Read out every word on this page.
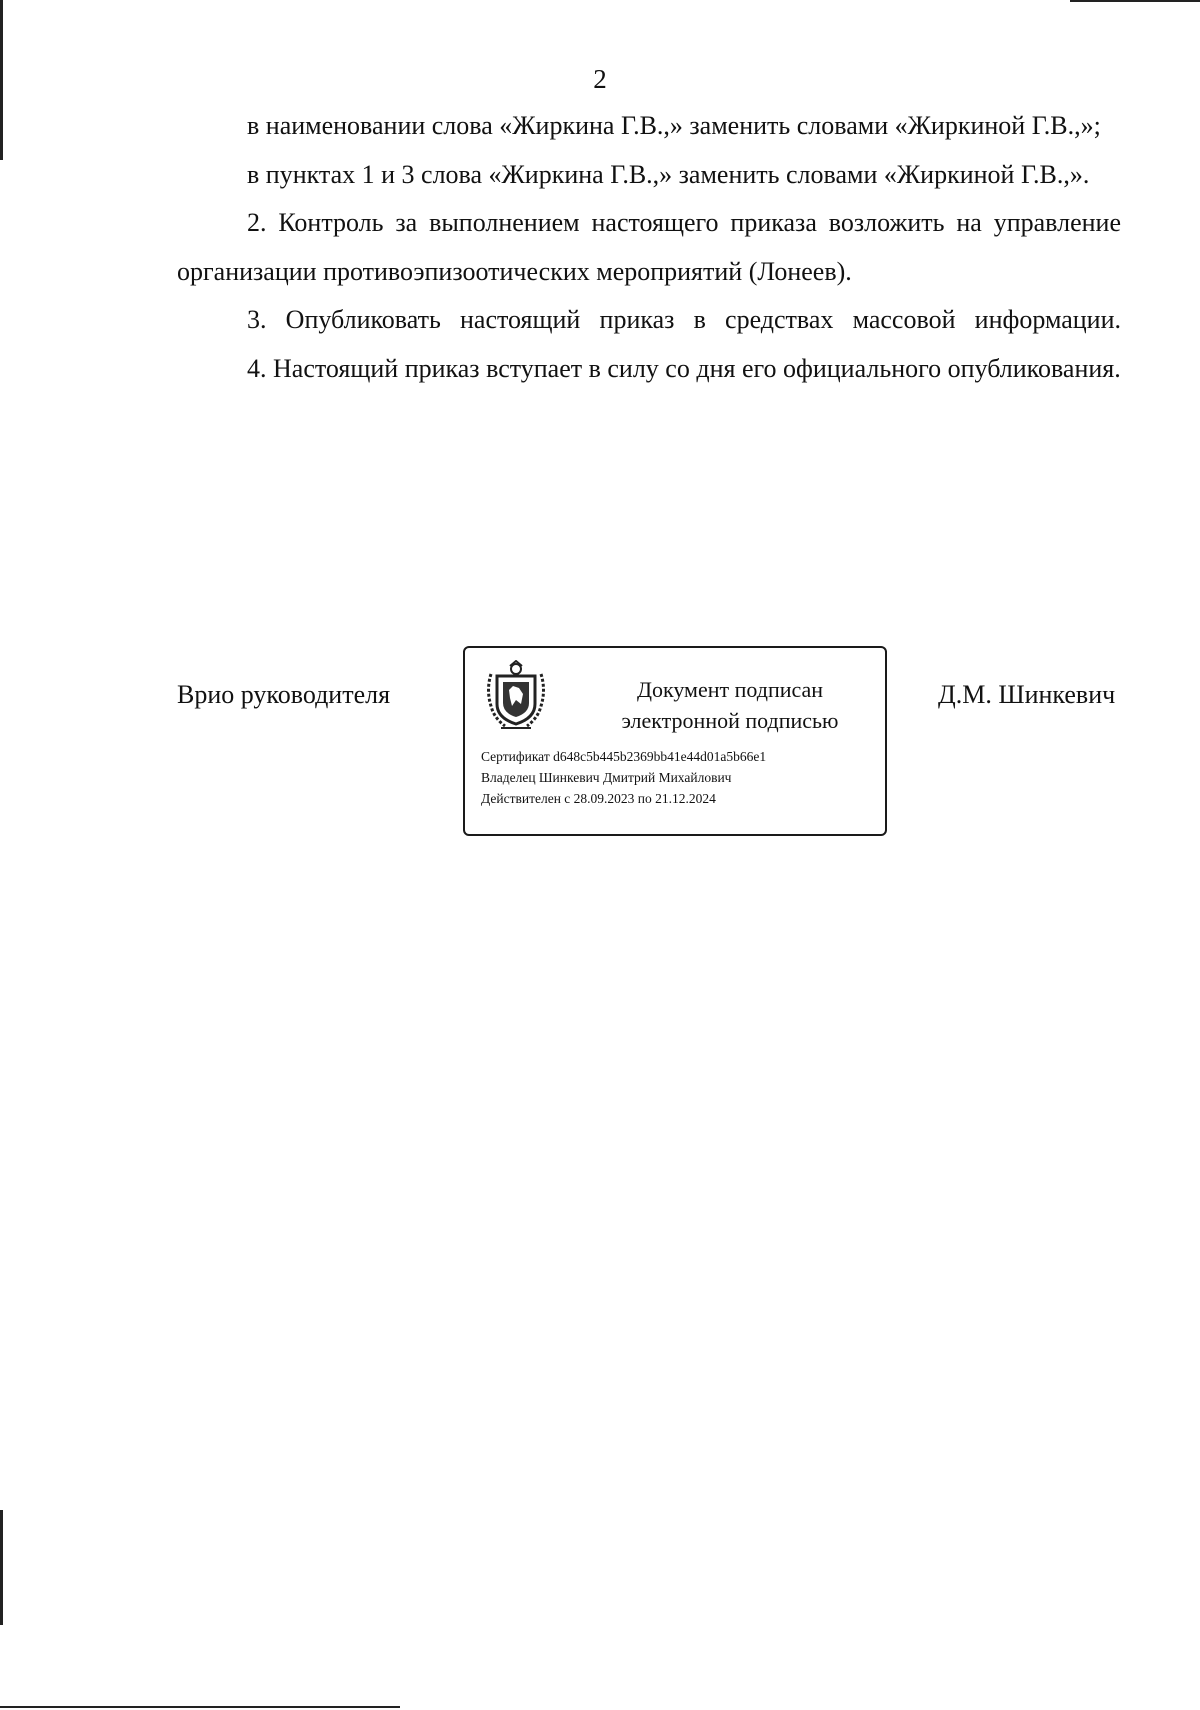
2

в наименовании слова «Жиркина Г.В.,» заменить словами «Жиркиной Г.В.,»;

в пунктах 1 и 3 слова «Жиркина Г.В.,» заменить словами «Жиркиной Г.В.,».

2. Контроль за выполнением настоящего приказа возложить на управление организации противоэпизоотических мероприятий (Лонеев).

3. Опубликовать настоящий приказ в средствах массовой информации.

4. Настоящий приказ вступает в силу со дня его официального опубликования.

Врио руководителя	Документ подписан
электронной подписью
Сертификат d648c5b445b2369bb41e44d01a5b66e1
Владелец Шинкевич Дмитрий Михайлович
Действителен с 28.09.2023 по 21.12.2024
Д.М. Шинкевич
